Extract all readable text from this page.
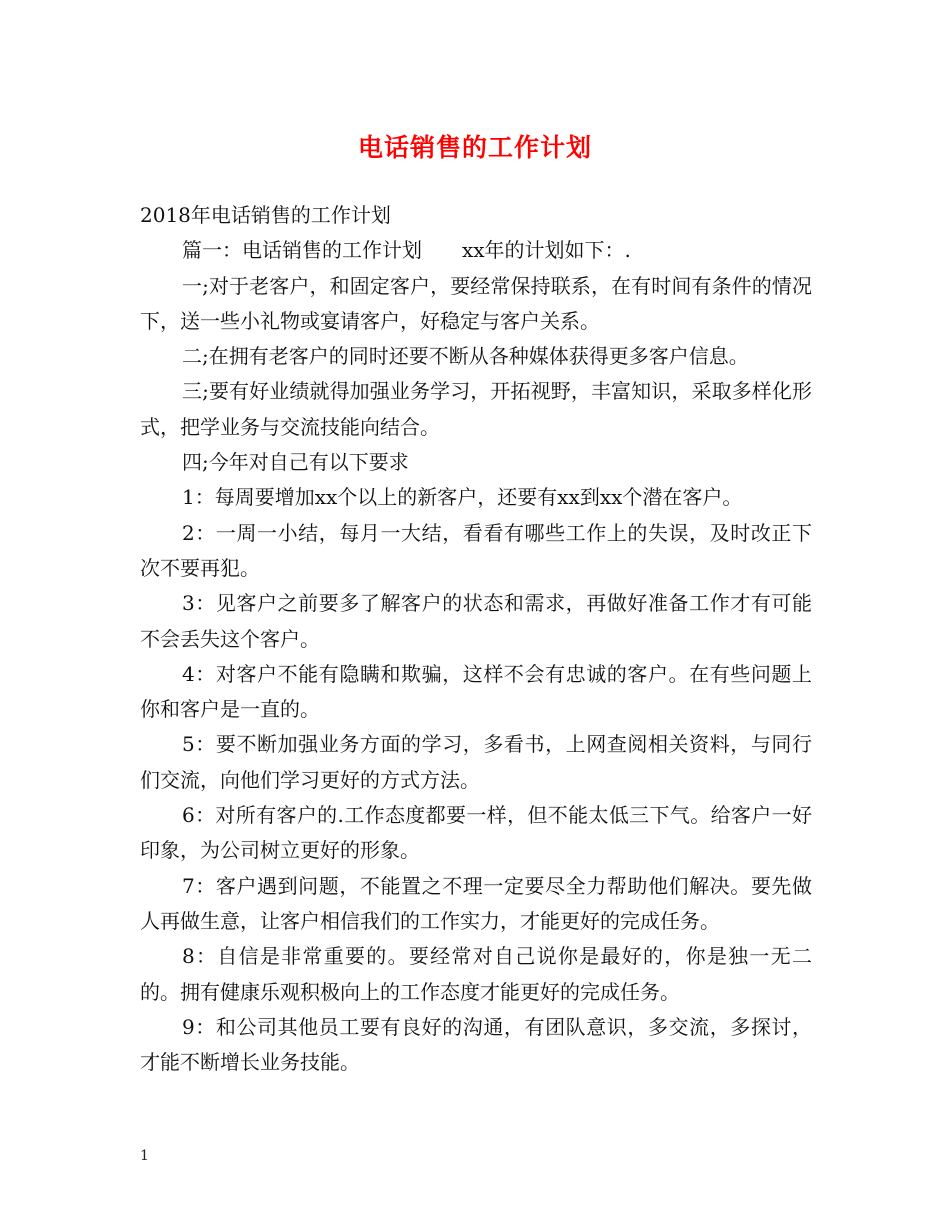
电话销售的工作计划

2018年电话销售的工作计划

篇一：电话销售的工作计划　　xx年的计划如下：.

一;对于老客户，和固定客户，要经常保持联系，在有时间有条件的情况下，送一些小礼物或宴请客户，好稳定与客户关系。

二;在拥有老客户的同时还要不断从各种媒体获得更多客户信息。

三;要有好业绩就得加强业务学习，开拓视野，丰富知识，采取多样化形式，把学业务与交流技能向结合。

四;今年对自己有以下要求

1：每周要增加xx个以上的新客户，还要有xx到xx个潜在客户。

2：一周一小结，每月一大结，看看有哪些工作上的失误，及时改正下次不要再犯。

3：见客户之前要多了解客户的状态和需求，再做好准备工作才有可能不会丢失这个客户。

4：对客户不能有隐瞒和欺骗，这样不会有忠诚的客户。在有些问题上你和客户是一直的。

5：要不断加强业务方面的学习，多看书，上网查阅相关资料，与同行们交流，向他们学习更好的方式方法。

6：对所有客户的.工作态度都要一样，但不能太低三下气。给客户一好印象，为公司树立更好的形象。

7：客户遇到问题，不能置之不理一定要尽全力帮助他们解决。要先做人再做生意，让客户相信我们的工作实力，才能更好的完成任务。

8：自信是非常重要的。要经常对自己说你是最好的，你是独一无二的。拥有健康乐观积极向上的工作态度才能更好的完成任务。

9：和公司其他员工要有良好的沟通，有团队意识，多交流，多探讨，才能不断增长业务技能。

1
